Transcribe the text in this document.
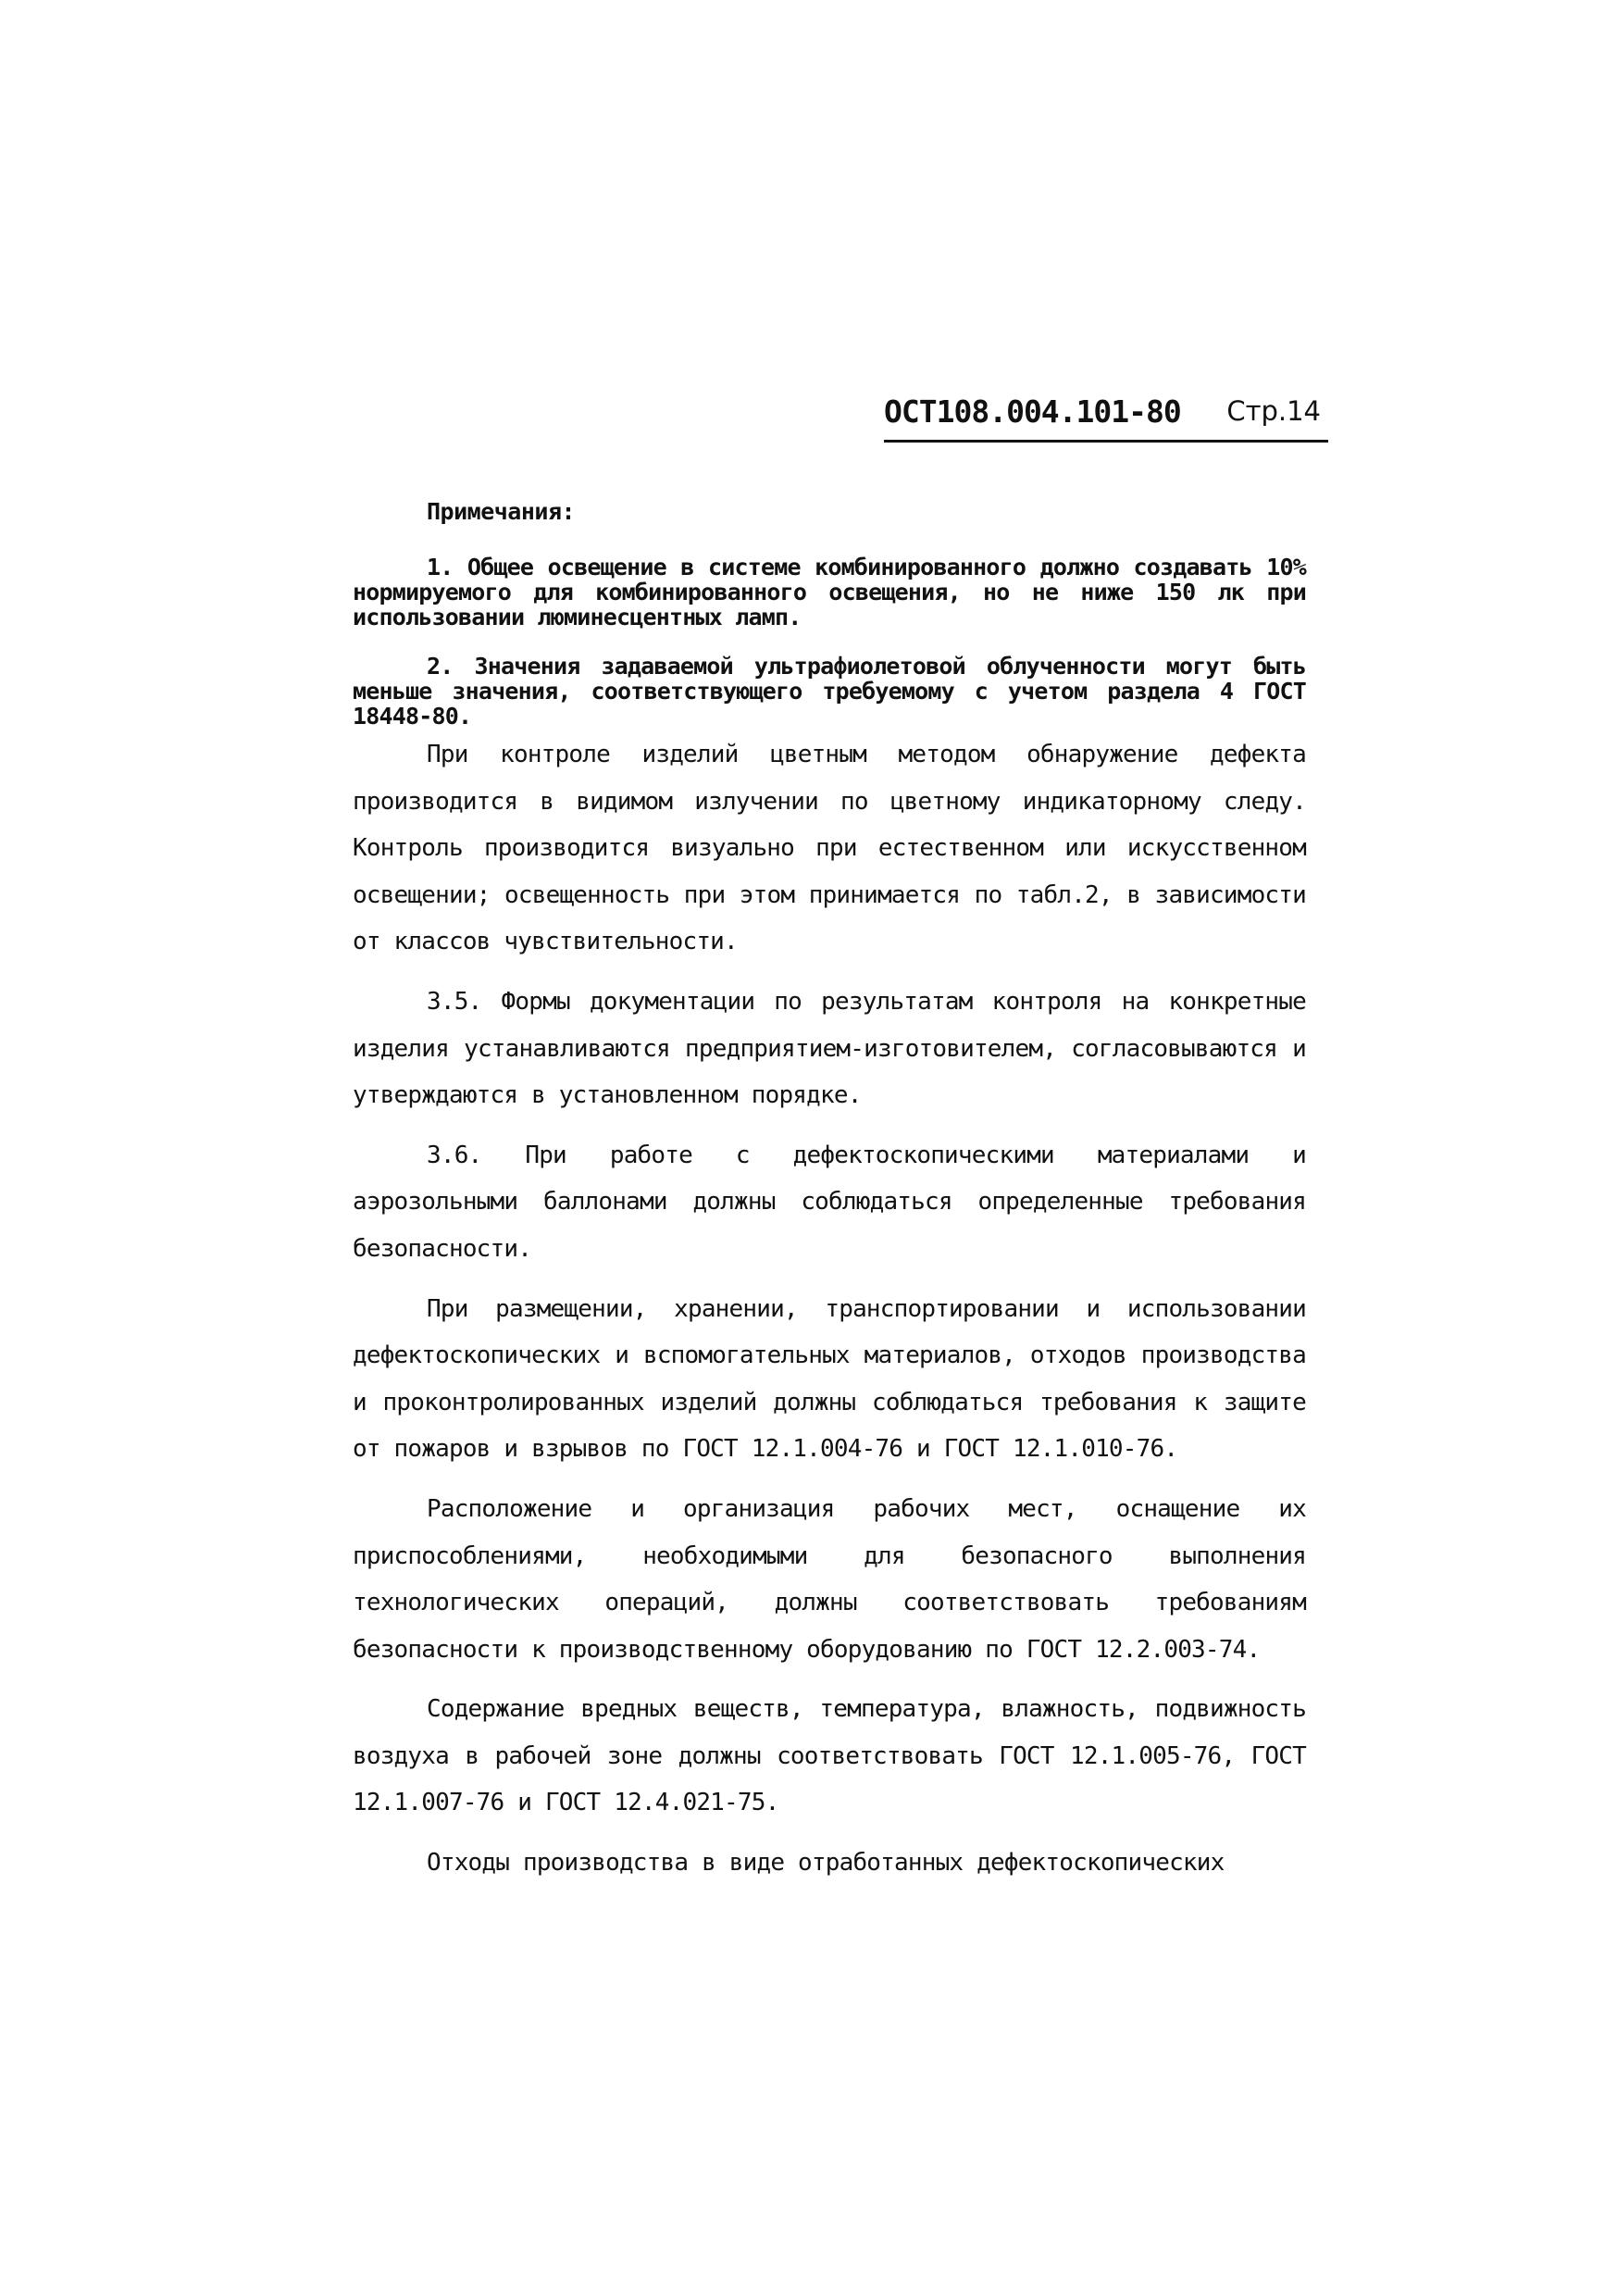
ОСТ108.004.101-80 Стр.14
Примечания:

1. Общее освещение в системе комбинированного должно создавать 10% нормируемого для комбинированного освещения, но не ниже 150 лк при использовании люминесцентных ламп.

2. Значения задаваемой ультрафиолетовой облученности могут быть меньше значения, соответствующего требуемому с учетом раздела 4 ГОСТ 18448-80.

При контроле изделий цветным методом обнаружение дефекта производится в видимом излучении по цветному индикаторному следу. Контроль производится визуально при естественном или искусственном освещении; освещенность при этом принимается по табл.2, в зависимости от классов чувствительности.

3.5. Формы документации по результатам контроля на конкретные изделия устанавливаются предприятием-изготовителем, согласовываются и утверждаются в установленном порядке.

3.6. При работе с дефектоскопическими материалами и аэрозольными баллонами должны соблюдаться определенные требования безопасности.

При размещении, хранении, транспортировании и использовании дефектоскопических и вспомогательных материалов, отходов производства и проконтролированных изделий должны соблюдаться требования к защите от пожаров и взрывов по ГОСТ 12.1.004-76 и ГОСТ 12.1.010-76.

Расположение и организация рабочих мест, оснащение их приспособлениями, необходимыми для безопасного выполнения технологических операций, должны соответствовать требованиям безопасности к производственному оборудованию по ГОСТ 12.2.003-74.

Содержание вредных веществ, температура, влажность, подвижность воздуха в рабочей зоне должны соответствовать ГОСТ 12.1.005-76, ГОСТ 12.1.007-76 и ГОСТ 12.4.021-75.

Отходы производства в виде отработанных дефектоскопических
